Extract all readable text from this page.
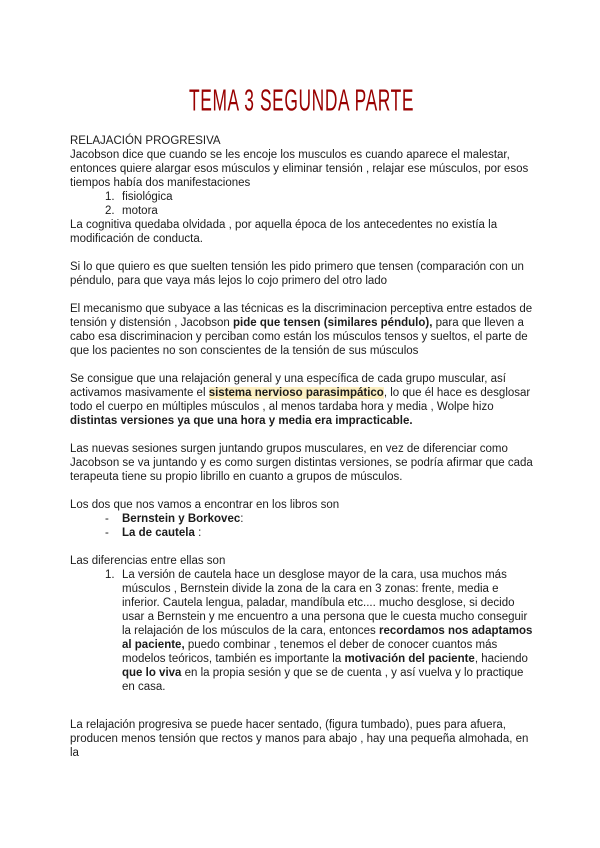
TEMA 3 SEGUNDA PARTE

RELAJACIÓN PROGRESIVA

Jacobson dice que cuando se les encoje los musculos es cuando aparece el malestar, entonces quiere alargar esos músculos y eliminar tensión , relajar ese músculos, por esos tiempos había dos manifestaciones

1. fisiológica
2. motora

La cognitiva quedaba olvidada , por aquella época de los antecedentes no existía la modificación de conducta.

Si lo que quiero es que suelten tensión les pido primero que tensen (comparación con un péndulo, para que vaya más lejos lo cojo primero del otro lado

El mecanismo que subyace a las técnicas es la discriminacion perceptiva entre estados de tensión y distensión , Jacobson pide que tensen (similares péndulo), para que lleven a cabo esa discriminacion y perciban como están los músculos tensos y sueltos, el parte de que los pacientes no son conscientes de la tensión de sus músculos

Se consigue que una relajación general y una específica de cada grupo muscular, así activamos masivamente el sistema nervioso parasimpático, lo que él hace es desglosar todo el cuerpo en múltiples músculos , al menos tardaba hora y media , Wolpe hizo distintas versiones ya que una hora y media era impracticable.

Las nuevas sesiones surgen juntando grupos musculares, en vez de diferenciar como Jacobson se va juntando y es como surgen distintas versiones, se podría afirmar que cada terapeuta tiene su propio librillo en cuanto a grupos de músculos.

Los dos que nos vamos a encontrar en los libros son

-	Bernstein y Borkovec:
-	La de cautela :

Las diferencias entre ellas son

1. La versión de cautela hace un desglose mayor de la cara, usa muchos más músculos , Bernstein divide la zona de la cara en 3 zonas: frente, media e inferior. Cautela lengua, paladar, mandíbula etc.... mucho desglose, si decido usar a Bernstein y me encuentro a una persona que le cuesta mucho conseguir la relajación de los músculos de la cara, entonces recordamos nos adaptamos al paciente, puedo combinar , tenemos el deber de conocer cuantos más modelos teóricos, también es importante la motivación del paciente, haciendo que lo viva en la propia sesión y que se de cuenta , y así vuelva y lo practique en casa.

La relajación progresiva se puede hacer sentado, (figura tumbado), pues para afuera, producen menos tensión que rectos y manos para abajo , hay una pequeña almohada, en la
